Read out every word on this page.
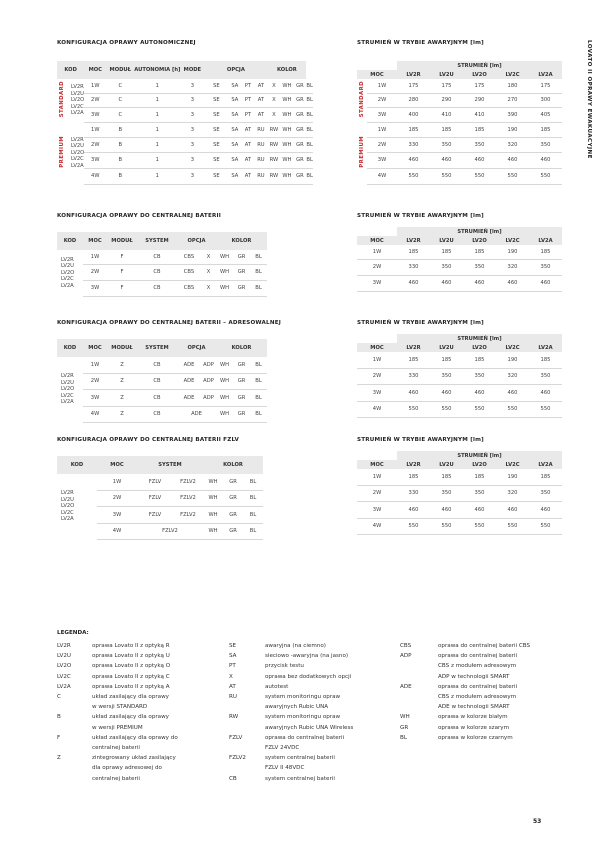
LOVATO II OPRAWY EWAKUACYJNE
KONFIGURACJA OPRAWY AUTONOMICZNEJ	STRUMIEŃ W TRYBIE AWARYJNYM [lm]
KOD		MOC	MODUŁ	AUTONOMIA [h]	MODE	OPCJA				KOLOR			
STANDARD	LV2R
LV2U
LV2O
LV2C
LV2A	1W	C	1	3	SE	SA	PT	AT	X	WH	GR	BL
		2W	C	1	3	SE	SA	PT	AT	X	WH	GR	BL
		3W	C	1	3	SE	SA	PT	AT	X	WH	GR	BL
PREMIUM	LV2R
LV2U
LV2O
LV2C
LV2A	1W	B	1	3	SE	SA	AT	RU	RW	WH	GR	BL
		2W	B	1	3	SE	SA	AT	RU	RW	WH	GR	BL
		3W	B	1	3	SE	SA	AT	RU	RW	WH	GR	BL
		4W	B	1	3	SE	SA	AT	RU	RW	WH	GR	BL
		STRUMIEŃ [lm]				
MOC		LV2R	LV2U	LV2O	LV2C	LV2A
STANDARD	1W	175	175	175	180	175
	2W	280	290	290	270	300
	3W	400	410	410	390	405
PREMIUM	1W	185	185	185	190	185
	2W	330	350	350	320	350
	3W	460	460	460	460	460
	4W	550	550	550	550	550
KONFIGURACJA OPRAWY DO CENTRALNEJ BATERII	STRUMIEŃ W TRYBIE AWARYJNYM [lm]
KOD	MOC	MODUŁ	SYSTEM	OPCJA		KOLOR		

LV2R
LV2U
LV2O
LV2C
LV2A	1W	F	CB	CBS	X	WH	GR	BL
	2W	F	CB	CBS	X	WH	GR	BL
	3W	F	CB	CBS	X	WH	GR	BL
	STRUMIEŃ [lm]				
MOC	LV2R	LV2U	LV2O	LV2C	LV2A
1W	185	185	185	190	185
2W	330	350	350	320	350
3W	460	460	460	460	460
KONFIGURACJA OPRAWY DO CENTRALNEJ BATERII – ADRESOWALNEJ	STRUMIEŃ W TRYBIE AWARYJNYM [lm]
KOD	MOC	MODUŁ	SYSTEM	OPCJA		KOLOR		

LV2R
LV2U
LV2O
LV2C
LV2A	1W	Z	CB	ADE	ADP	WH	GR	BL
	2W	Z	CB	ADE	ADP	WH	GR	BL
	3W	Z	CB	ADE	ADP	WH	GR	BL
	4W	Z	CB	ADE		WH	GR	BL
	STRUMIEŃ [lm]				
MOC	LV2R	LV2U	LV2O	LV2C	LV2A
1W	185	185	185	190	185
2W	330	350	350	320	350
3W	460	460	460	460	460
4W	550	550	550	550	550
KONFIGURACJA OPRAWY DO CENTRALNEJ BATERII FZLV	STRUMIEŃ W TRYBIE AWARYJNYM [lm]
KOD	MOC	SYSTEM		KOLOR		

LV2R
LV2U
LV2O
LV2C
LV2A	1W	FZLV	FZLV2	WH	GR	BL
	2W	FZLV	FZLV2	WH	GR	BL
	3W	FZLV	FZLV2	WH	GR	BL
	4W	FZLV2		WH	GR	BL
	STRUMIEŃ [lm]				
MOC	LV2R	LV2U	LV2O	LV2C	LV2A
1W	185	185	185	190	185
2W	330	350	350	320	350
3W	460	460	460	460	460
4W	550	550	550	550	550
LEGENDA:
LV2R	oprawa Lovato II z optyką R
LV2U	oprawa Lovato II z optyką U
LV2O	oprawa Lovato II z optyką O
LV2C	oprawa Lovato II z optyką C
LV2A	oprawa Lovato II z optyką A
C	układ zasilający dla oprawy
w wersji STANDARD
B	układ zasilający dla oprawy
w wersji PREMIUM
F	układ zasilający dla oprawy do
centralnej baterii
Z	zintegrowany układ zasilający
dla oprawy adresowej do
centralnej baterii
SE	awaryjna (na ciemno)
SA	sieciowo -awaryjna (na jasno)
PT	przycisk testu
X	oprawa bez dodatkowych opcji
AT	autotest
RU	system monitoringu opraw
awaryjnych Rubic UNA
RW	system monitoringu opraw
awaryjnych Rubic UNA Wireless
FZLV	oprawa do centralnej baterii
FZLV 24VDC
FZLV2	system centralnej baterii
FZLV II 48VDC
CB	system centralnej baterii
CBS	oprawa do centralnej baterii CBS
ADP	oprawa do centralnej baterii
CBS z modułem adresowym
ADP w technologii SMART
ADE	oprawa do centralnej baterii
CBS z modułem adresowym
ADE w technologii SMART
WH	oprawa w kolorze białym
GR	oprawa w kolorze szarym
BL	oprawa w kolorze czarnym
53
